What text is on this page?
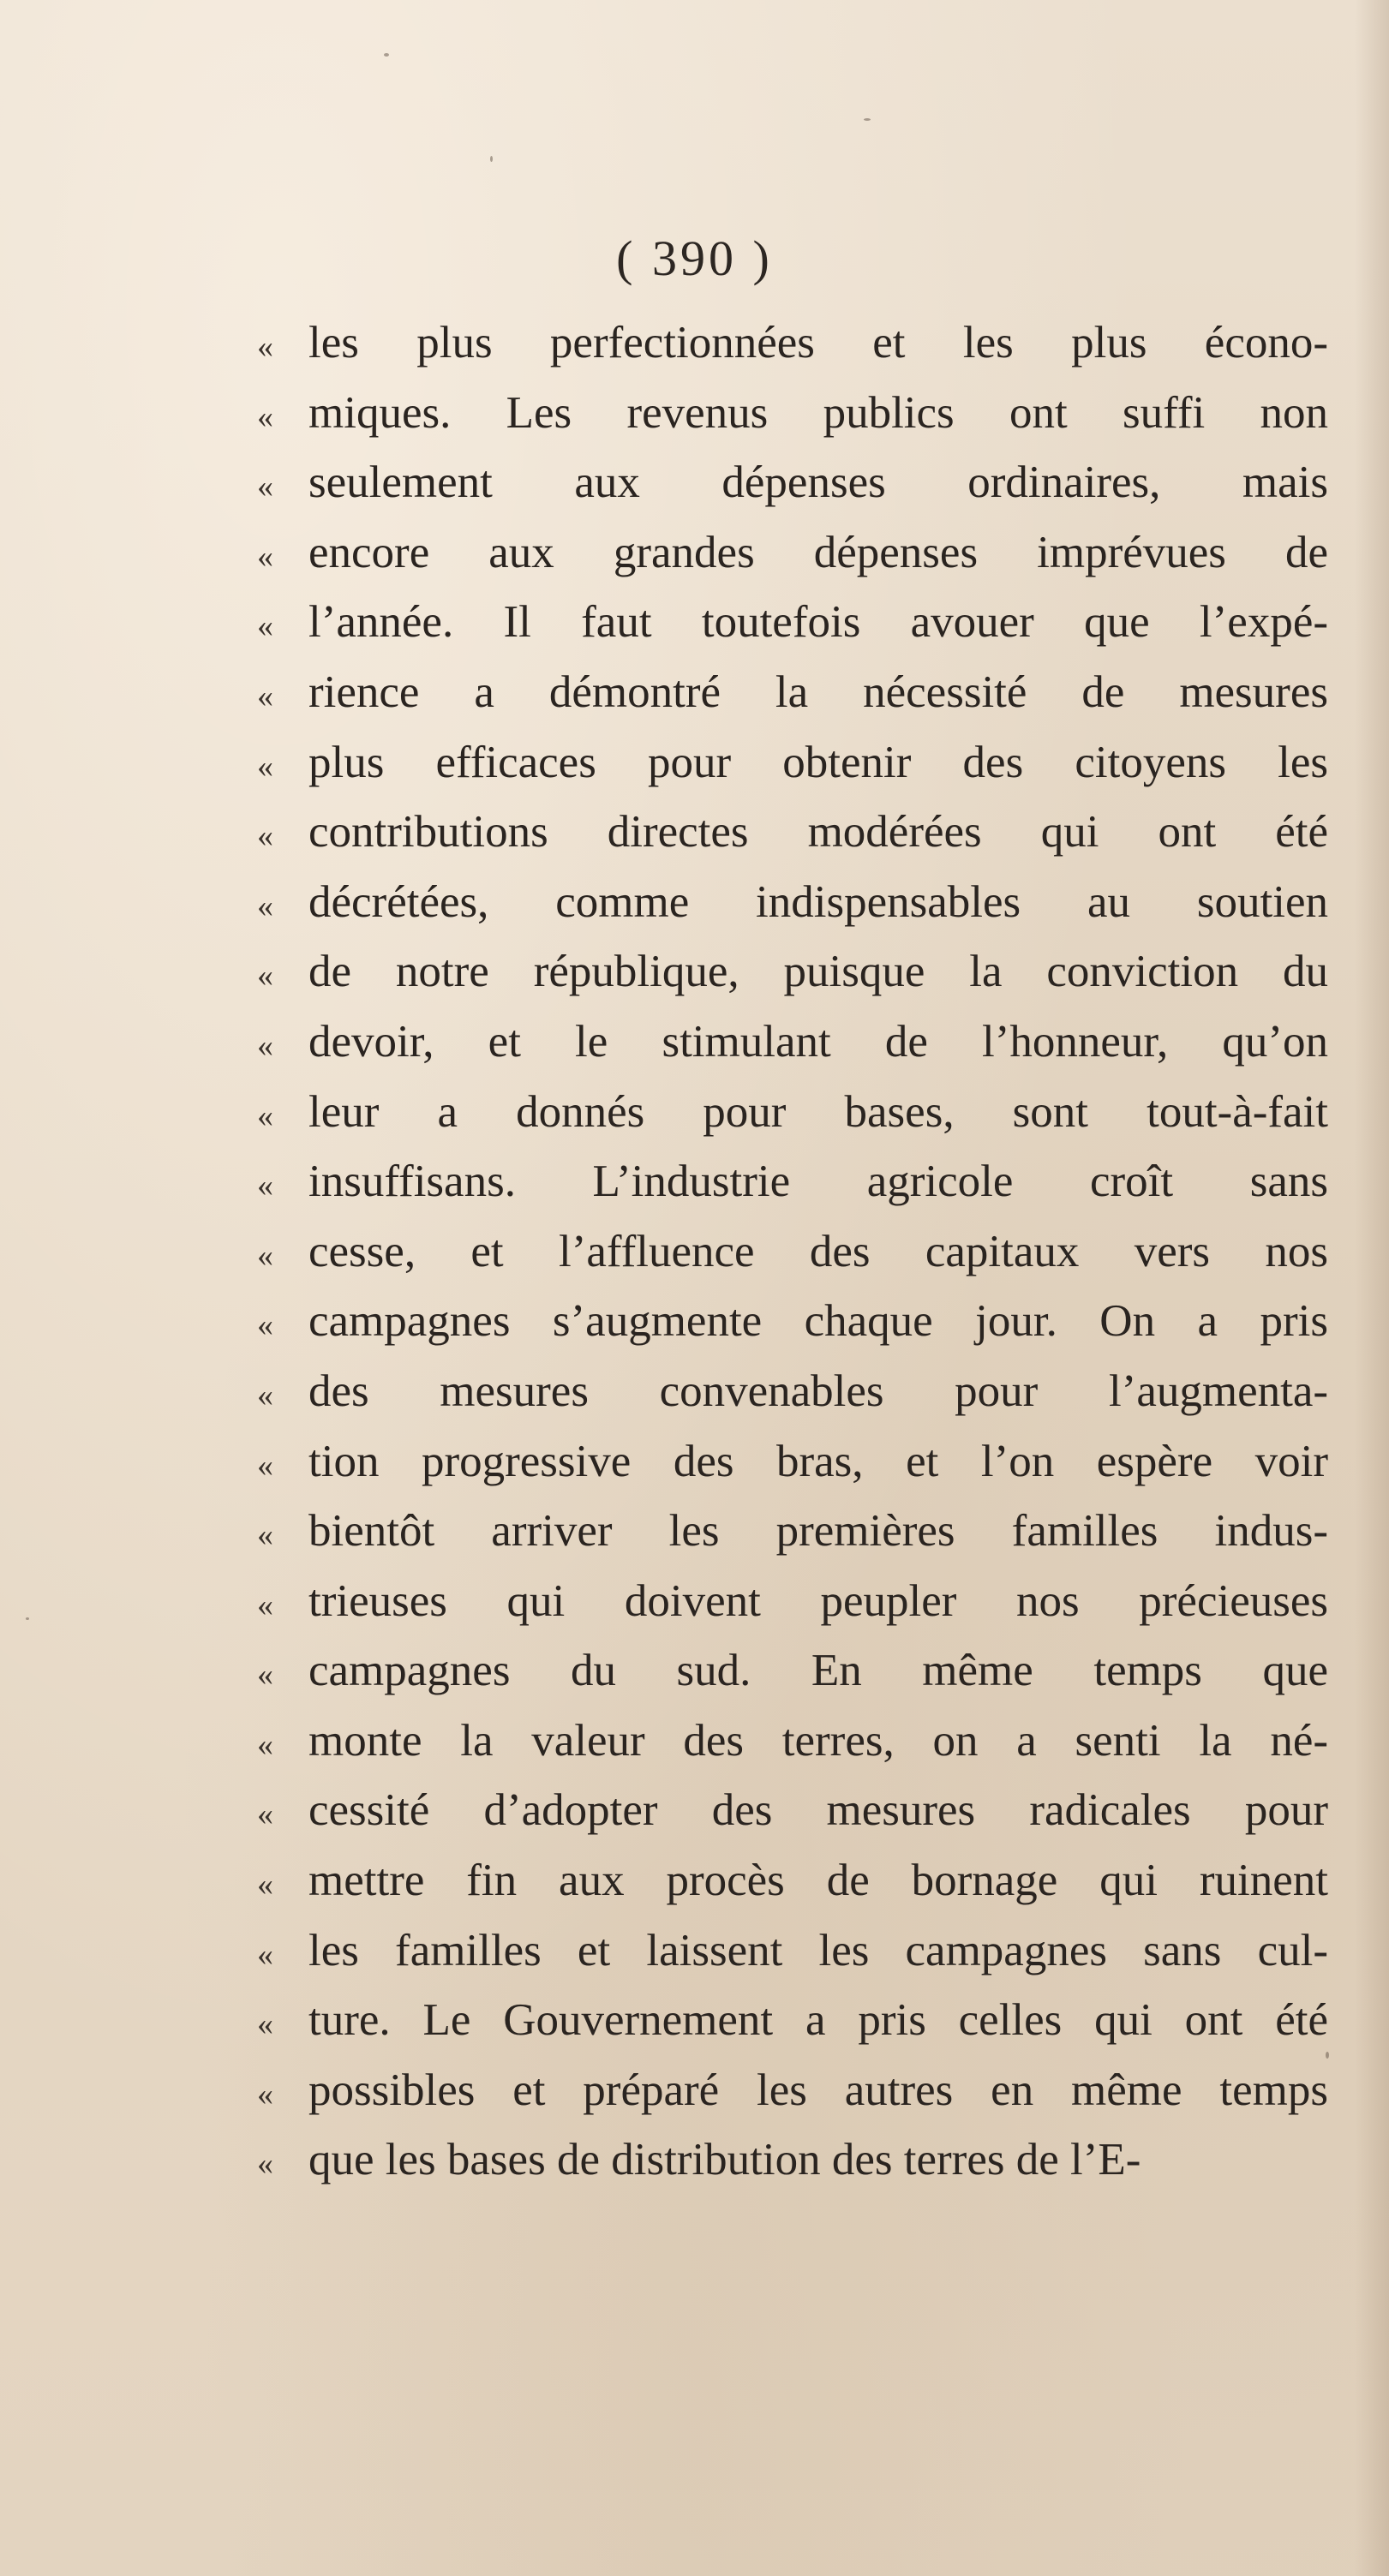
( 390 )
« les plus perfectionnées et les plus écono-
« miques. Les revenus publics ont suffi non
« seulement aux dépenses ordinaires, mais
« encore aux grandes dépenses imprévues de
« l’année. Il faut toutefois avouer que l’expé-
« rience a démontré la nécessité de mesures
« plus efficaces pour obtenir des citoyens les
« contributions directes modérées qui ont été
« décrétées, comme indispensables au soutien
« de notre république, puisque la conviction du
« devoir, et le stimulant de l’honneur, qu’on
« leur a donnés pour bases, sont tout-à-fait
« insuffisans. L’industrie agricole croît sans
« cesse, et l’affluence des capitaux vers nos
« campagnes s’augmente chaque jour. On a pris
« des mesures convenables pour l’augmenta-
« tion progressive des bras, et l’on espère voir
« bientôt arriver les premières familles indus-
« trieuses qui doivent peupler nos précieuses
« campagnes du sud. En même temps que
« monte la valeur des terres, on a senti la né-
« cessité d’adopter des mesures radicales pour
« mettre fin aux procès de bornage qui ruinent
« les familles et laissent les campagnes sans cul-
« ture. Le Gouvernement a pris celles qui ont été
« possibles et préparé les autres en même temps
« que les bases de distribution des terres de l’E-
